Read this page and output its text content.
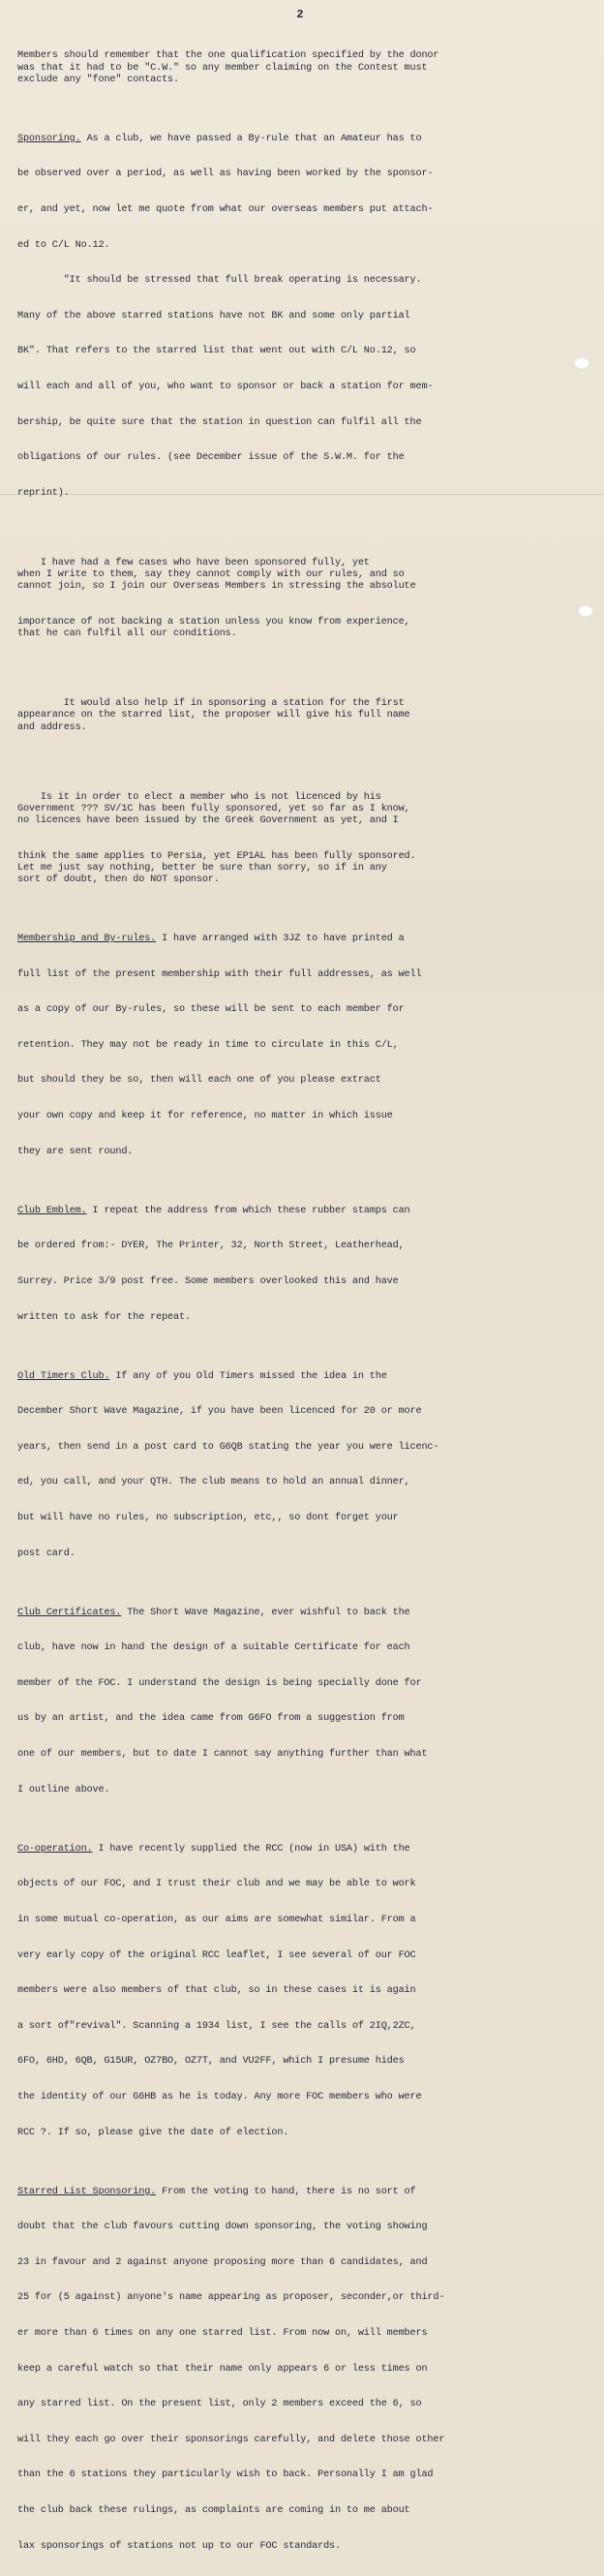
2

Members should remember that the one qualification specified by the donor
was that it had to be "C.W." so any member claiming on the Contest must
exclude any "fone" contacts.

Sponsoring. As a club, we have passed a By-rule that an Amateur has to

be observed over a period, as well as having been worked by the sponsor-

er, and yet, now let me quote from what our overseas members put attach-

ed to C/L No.12.

"It should be stressed that full break operating is necessary.

Many of the above starred stations have not BK and some only partial

BK". That refers to the starred list that went out with C/L No.12, so

will each and all of you, who want to sponsor or back a station for mem-

bership, be quite sure that the station in question can fulfil all the

obligations of our rules. (see December issue of the S.W.M. for the

reprint).

I have had a few cases who have been sponsored fully, yet
when I write to them, say they cannot comply with our rules, and so
cannot join, so I join our Overseas Members in stressing the absolute

importance of not backing a station unless you know from experience,
that he can fulfil all our conditions.

It would also help if in sponsoring a station for the first
appearance on the starred list, the proposer will give his full name
and address.

Is it in order to elect a member who is not licenced by his
Government ??? SV/1C has been fully sponsored, yet so far as I know,
no licences have been issued by the Greek Government as yet, and I

think the same applies to Persia, yet EP1AL has been fully sponsored.
Let me just say nothing, better be sure than sorry, so if in any
sort of doubt, then do NOT sponsor.

Membership and By-rules. I have arranged with 3JZ to have printed a

full list of the present membership with their full addresses, as well

as a copy of our By-rules, so these will be sent to each member for

retention. They may not be ready in time to circulate in this C/L,

but should they be so, then will each one of you please extract

your own copy and keep it for reference, no matter in which issue

they are sent round.

Club Emblem. I repeat the address from which these rubber stamps can

be ordered from:- DYER, The Printer, 32, North Street, Leatherhead,

Surrey. Price 3/9 post free. Some members overlooked this and have

written to ask for the repeat.

Old Timers Club. If any of you Old Timers missed the idea in the

December Short Wave Magazine, if you have been licenced for 20 or more

years, then send in a post card to G6QB stating the year you were licenc-

ed, you call, and your QTH. The club means to hold an annual dinner,

but will have no rules, no subscription, etc,, so dont forget your

post card.

Club Certificates. The Short Wave Magazine, ever wishful to back the

club, have now in hand the design of a suitable Certificate for each

member of the FOC. I understand the design is being specially done for

us by an artist, and the idea came from G6FO from a suggestion from

one of our members, but to date I cannot say anything further than what

I outline above.

Co-operation. I have recently supplied the RCC (now in USA) with the

objects of our FOC, and I trust their club and we may be able to work

in some mutual co-operation, as our aims are somewhat similar. From a

very early copy of the original RCC leaflet, I see several of our FOC

members were also members of that club, so in these cases it is again

a sort of"revival". Scanning a 1934 list, I see the calls of 2IQ,2ZC,

6FO, 6HD, 6QB, G15UR, OZ7BO, OZ7T, and VU2FF, which I presume hides

the identity of our G6HB as he is today. Any more FOC members who were

RCC ?. If so, please give the date of election.

Starred List Sponsoring. From the voting to hand, there is no sort of

doubt that the club favours cutting down sponsoring, the voting showing

23 in favour and 2 against anyone proposing more than 6 candidates, and

25 for (5 against) anyone's name appearing as proposer, seconder,or third-

er more than 6 times on any one starred list. From now on, will members

keep a careful watch so that their name only appears 6 or less times on

any starred list. On the present list, only 2 members exceed the 6, so

will they each go over their sponsorings carefully, and delete those other

than the 6 stations they particularly wish to back. Personally I am glad

the club back these rulings, as complaints are coming in to me about

lax sponsorings of stations not up to our FOC standards.
